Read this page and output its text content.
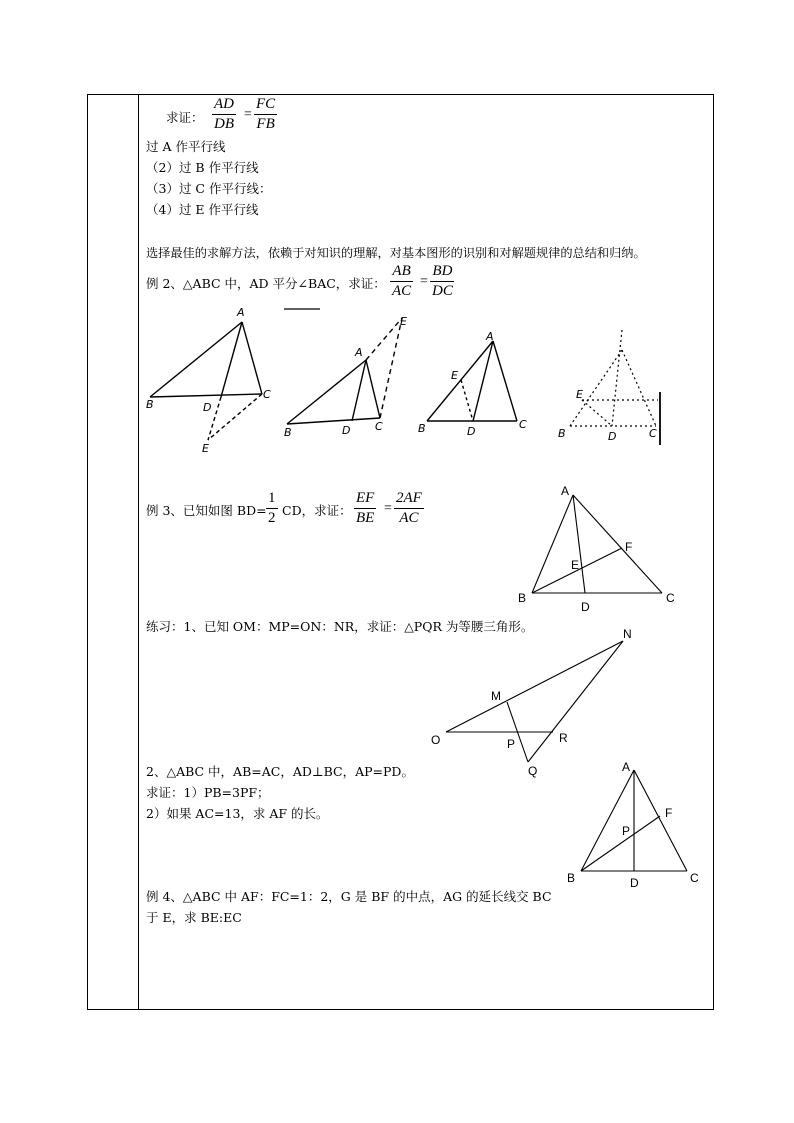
求证： $\frac{AD}{DB} = \frac{FC}{FB}$
过 A 作平行线
（2）过 B 作平行线
（3）过 C 作平行线：
（4）过 E 作平行线
选择最佳的求解方法，依赖于对知识的理解，对基本图形的识别和对解题规律的总结和归纳。
例 2、△ABC 中，AD 平分∠BAC，求证： $\frac{AB}{AC} = \frac{BD}{DC}$
A
B	D
C
E
A
B	D C
E
A
E
B	D
C
E
B	D	C
例 3、已知如图 $BD= \frac{1}{2}$ CD，求证： $\frac{EF}{BE} = \frac{2AF}{AC}$	A
F
E
B
D
C
练习：1、已知 OM：MP=ON：NR，求证：△PQR 为等腰三角形。	N
M
O	P	R
Q
2、△ABC 中，AB=AC，AD⊥BC，AP=PD。
求证：1）PB=3PF；
2）如果 AC=13，求 AF 的长。
A
F
P
B	D	C
例 4、△ABC 中 AF：FC=1：2，G 是 BF 的中点，AG 的延长线交 BC
于 E，求 BE:EC
